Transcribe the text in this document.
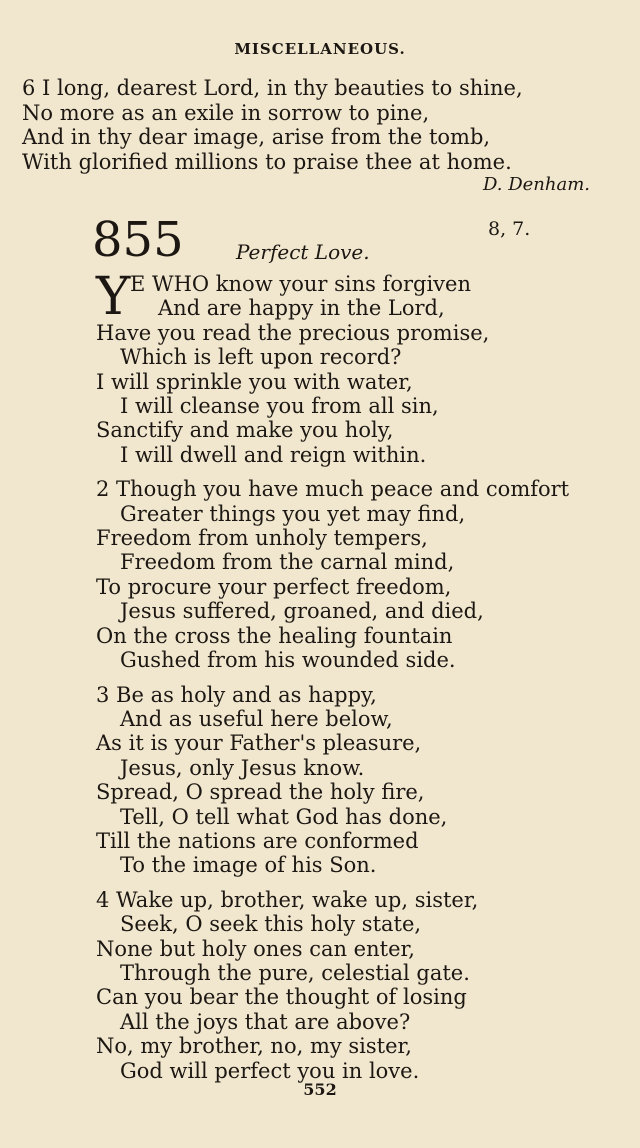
MISCELLANEOUS.
6 I long, dearest Lord, in thy beauties to shine,
No more as an exile in sorrow to pine,
And in thy dear image, arise from the tomb,
With glorified millions to praise thee at home.
D. Denham.
855	Perfect Love.
8, 7.
Y E WHO know your sins forgiven
And are happy in the Lord,
Have you read the precious promise,
Which is left upon record?
I will sprinkle you with water,
I will cleanse you from all sin,
Sanctify and make you holy,
I will dwell and reign within.
2 Though you have much peace and comfort
Greater things you yet may find,
Freedom from unholy tempers,
Freedom from the carnal mind,
To procure your perfect freedom,
Jesus suffered, groaned, and died,
On the cross the healing fountain
Gushed from his wounded side.
3 Be as holy and as happy,
And as useful here below,
As it is your Father's pleasure,
Jesus, only Jesus know.
Spread, O spread the holy fire,
Tell, O tell what God has done,
Till the nations are conformed
To the image of his Son.
4 Wake up, brother, wake up, sister,
Seek, O seek this holy state,
None but holy ones can enter,
Through the pure, celestial gate.
Can you bear the thought of losing
All the joys that are above?
No, my brother, no, my sister,
God will perfect you in love.
552
